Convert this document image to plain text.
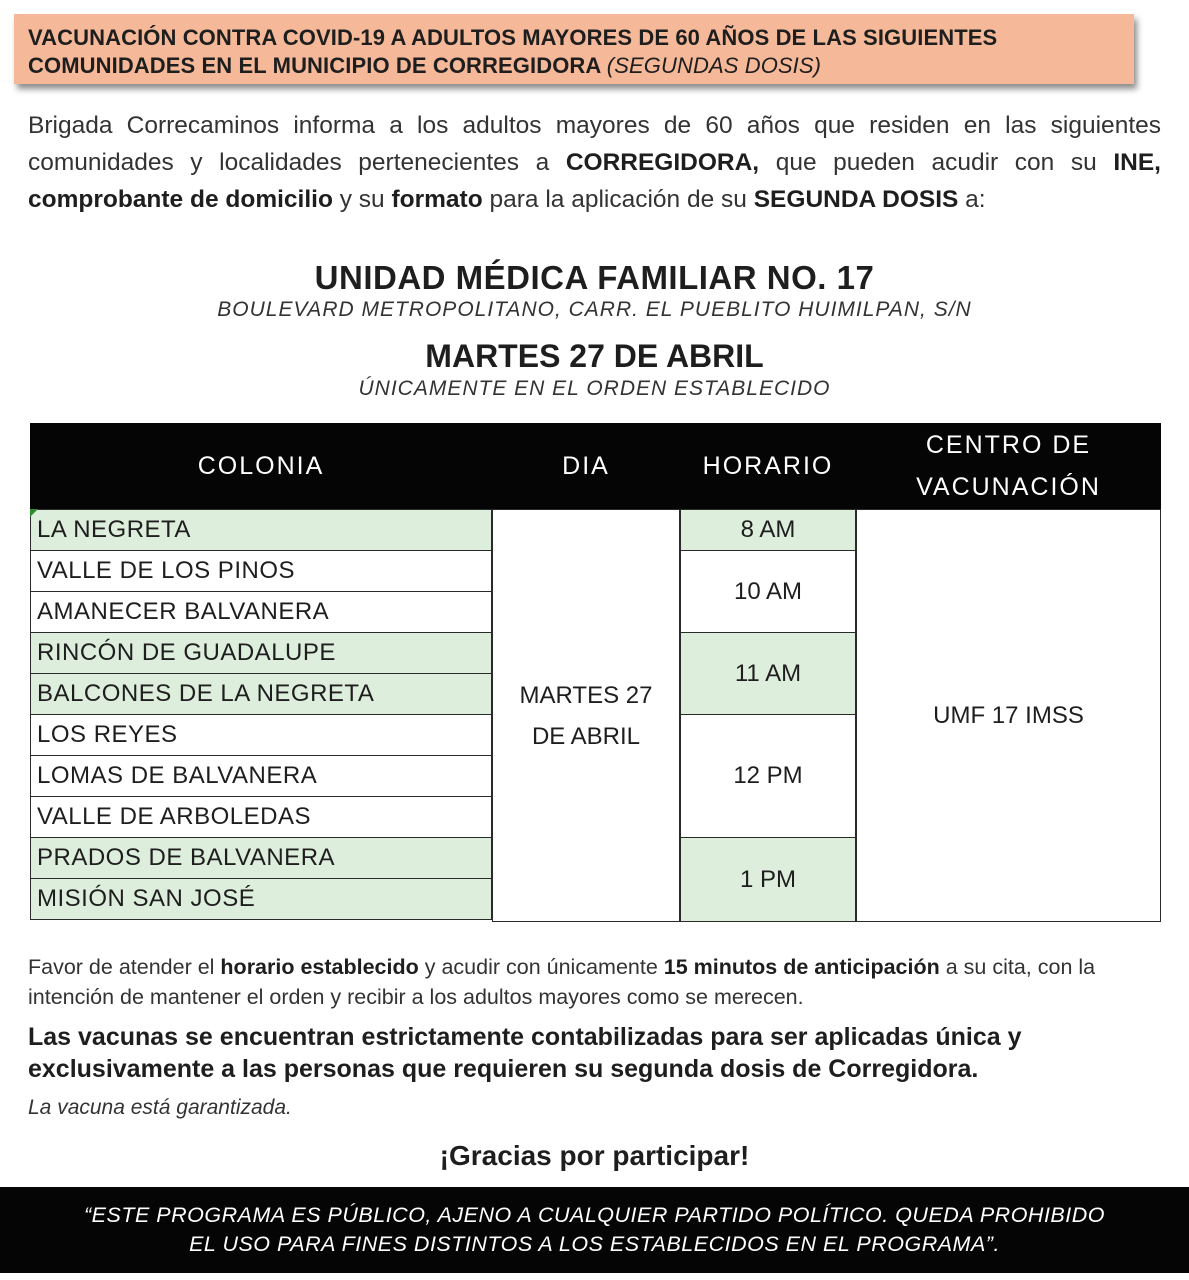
VACUNACIÓN CONTRA COVID-19 A ADULTOS MAYORES DE 60 AÑOS DE LAS SIGUIENTES
COMUNIDADES EN EL MUNICIPIO DE CORREGIDORA (SEGUNDAS DOSIS)

Brigada Correcaminos informa a los adultos mayores de 60 años que residen en las siguientes comunidades y localidades pertenecientes a CORREGIDORA, que pueden acudir con su INE, comprobante de domicilio y su formato para la aplicación de su SEGUNDA DOSIS a:

UNIDAD MÉDICA FAMILIAR NO. 17
BOULEVARD METROPOLITANO, CARR. EL PUEBLITO HUIMILPAN, S/N
MARTES 27 DE ABRIL
ÚNICAMENTE EN EL ORDEN ESTABLECIDO
COLONIA	DIA	HORARIO
CENTRO DE
VACUNACIÓN
LA NEGRETA
VALLE DE LOS PINOS
AMANECER BALVANERA
RINCÓN DE GUADALUPE
BALCONES DE LA NEGRETA
LOS REYES
LOMAS DE BALVANERA
VALLE DE ARBOLEDAS
PRADOS DE BALVANERA
MISIÓN SAN JOSÉ
MARTES 27
DE ABRIL
8 AM
10 AM
11 AM
12 PM
1 PM
UMF 17 IMSS

Favor de atender el horario establecido y acudir con únicamente 15 minutos de anticipación a su cita, con la intención de mantener el orden y recibir a los adultos mayores como se merecen.

Las vacunas se encuentran estrictamente contabilizadas para ser aplicadas única y exclusivamente a las personas que requieren su segunda dosis de Corregidora.

La vacuna está garantizada.

¡Gracias por participar!
“ESTE PROGRAMA ES PÚBLICO, AJENO A CUALQUIER PARTIDO POLÍTICO. QUEDA PROHIBIDO
EL USO PARA FINES DISTINTOS A LOS ESTABLECIDOS EN EL PROGRAMA”.
